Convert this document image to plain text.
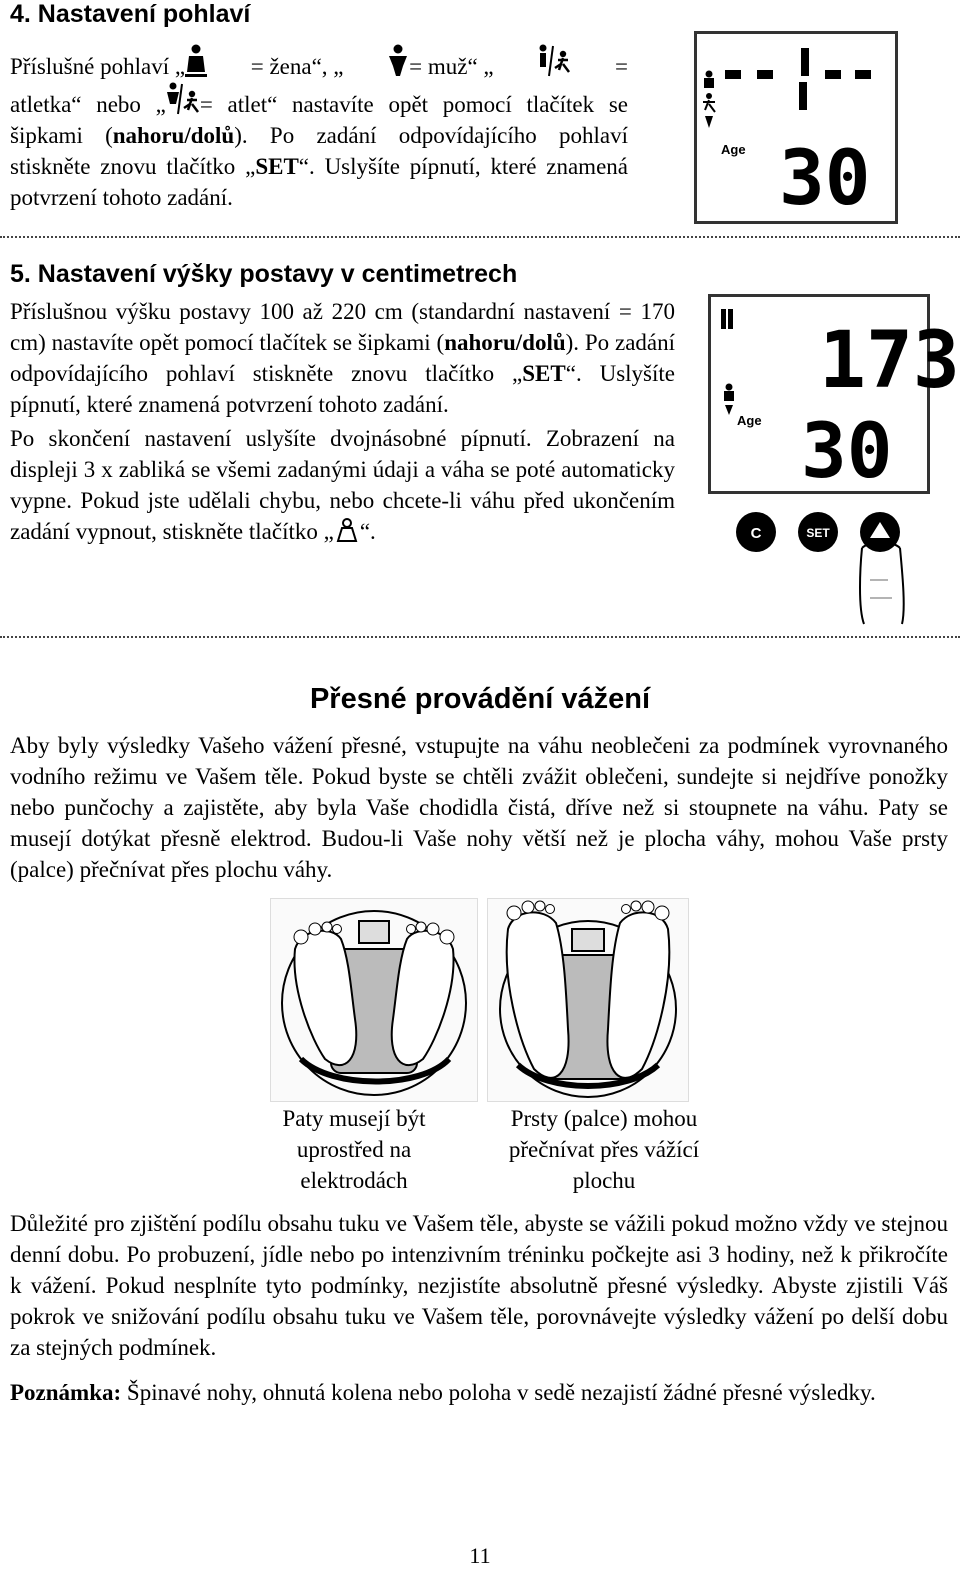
4. Nastavení pohlaví
Příslušné pohlaví „	= žena“, „	= muž“ „	=

atletka“ nebo „ = atlet“ nastavíte opět pomocí tlačítek se šipkami (nahoru/dolů). Po zadání odpovídajícího pohlaví stiskněte znovu tlačítko „SET“. Uslyšíte pípnutí, které znamená potvrzení tohoto zadání.

Age 30
5. Nastavení výšky postavy v centimetrech

Příslušnou výšku postavy 100 až 220 cm (standardní nastavení = 170 cm) nastavíte opět pomocí tlačítek se šipkami (nahoru/dolů). Po zadání odpovídajícího pohlaví stiskněte znovu tlačítko „SET“. Uslyšíte pípnutí, které znamená potvrzení tohoto zadání.

Po skončení nastavení uslyšíte dvojnásobné pípnutí. Zobrazení na displeji 3 x zabliká se všemi zadanými údaji a váha se poté automaticky vypne. Pokud jste udělali chybu, nebo chcete-li váhu před ukončením zadání vypnout, stiskněte tlačítko „ “.

173
Age 30
C	SET
Přesné provádění vážení

Aby byly výsledky Vašeho vážení přesné, vstupujte na váhu neoblečeni za podmínek vyrovnaného vodního režimu ve Vašem těle. Pokud byste se chtěli zvážit oblečeni, sundejte si nejdříve ponožky nebo punčochy a zajistěte, aby byla Vaše chodidla čistá, dříve než si stoupnete na váhu. Paty se musejí dotýkat přesně elektrod. Budou-li Vaše nohy větší než je plocha váhy, mohou Vaše prsty (palce) přečnívat přes plochu váhy.

Paty musejí být uprostřed na elektrodách
Prsty (palce) mohou přečnívat přes vážící plochu

Důležité pro zjištění podílu obsahu tuku ve Vašem těle, abyste se vážili pokud možno vždy ve stejnou denní dobu. Po probuzení, jídle nebo po intenzivním tréninku počkejte asi 3 hodiny, než k přikročíte k vážení. Pokud nesplníte tyto podmínky, nezjistíte absolutně přesné výsledky. Abyste zjistili Váš pokrok ve snižování podílu obsahu tuku ve Vašem těle, porovnávejte výsledky vážení po delší dobu za stejných podmínek.

Poznámka: Špinavé nohy, ohnutá kolena nebo poloha v sedě nezajistí žádné přesné výsledky.

11
